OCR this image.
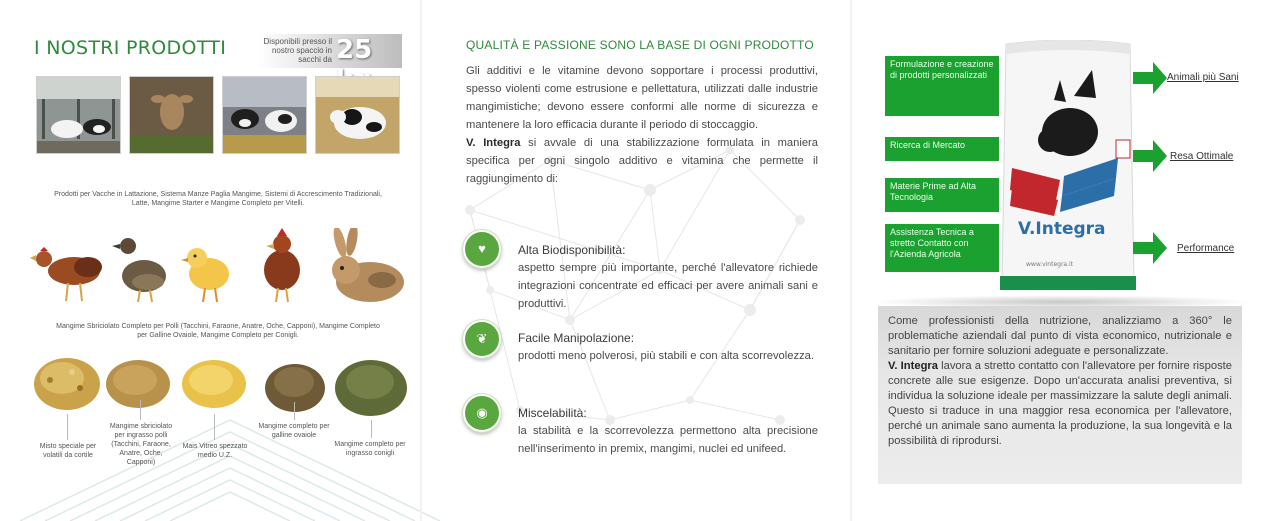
I NOSTRI PRODOTTI	Disponibili presso il nostro spaccio in sacchi da 25
Prodotti per Vacche in Lattazione, Sistema Manze Paglia Mangime, Sistemi di Accrescimento Tradizionali,
Latte, Mangime Starter e Mangime Completo per Vitelli.
Mangime Sbriciolato Completo per Polli (Tacchini, Faraone, Anatre, Oche, Capponi), Mangime Completo
per Galline Ovaiole, Mangime Completo per Conigli.
Misto speciale per volatili da cortile
Mangime sbriciolato per ingrasso polli (Tacchini, Faraone, Anatre, Oche, Capponi)
Mais Vitreo spezzato medio U.Z.
Mangime completo per galline ovaiole
Mangime completo per ingrasso conigli
QUALITÀ E PASSIONE SONO LA BASE DI OGNI PRODOTTO
Gli additivi e le vitamine devono sopportare i processi produttivi, spesso violenti come estrusione e pellettatura, utilizzati dalle industrie mangimistiche; devono essere conformi alle norme di sicurezza e mantenere la loro efficacia durante il periodo di stoccaggio.
V. Integra si avvale di una stabilizzazione formulata in maniera specifica per ogni singolo additivo e vitamina che permette il raggiungimento di:
♥	Alta Biodisponibilità:
aspetto sempre più importante, perché l'allevatore richiede integrazioni concentrate ed efficaci per avere animali sani e produttivi.
❦	Facile Manipolazione:
prodotti meno polverosi, più stabili e con alta scorrevolezza.
◉	Miscelabilità:
la stabilità e la scorrevolezza permettono alta precisione nell'inserimento in premix, mangimi, nuclei ed unifeed.
V.Integra
www.vintegra.it
Formulazione e creazione di prodotti personalizzati
Ricerca di Mercato
Materie Prime ad Alta Tecnologia
Assistenza Tecnica a stretto Contatto con l'Azienda Agricola
Animali più Sani
Resa Ottimale
Performance
Come professionisti della nutrizione, analizziamo a 360° le problematiche aziendali dal punto di vista economico, nutrizionale e sanitario per fornire soluzioni adeguate e personalizzate.
V. Integra lavora a stretto contatto con l'allevatore per fornire risposte concrete alle sue esigenze. Dopo un'accurata analisi preventiva, si individua la soluzione ideale per massimizzare la salute degli animali. Questo si traduce in una maggior resa economica per l'allevatore, perché un animale sano aumenta la produzione, la sua longevità e la possibilità di riprodursi.
